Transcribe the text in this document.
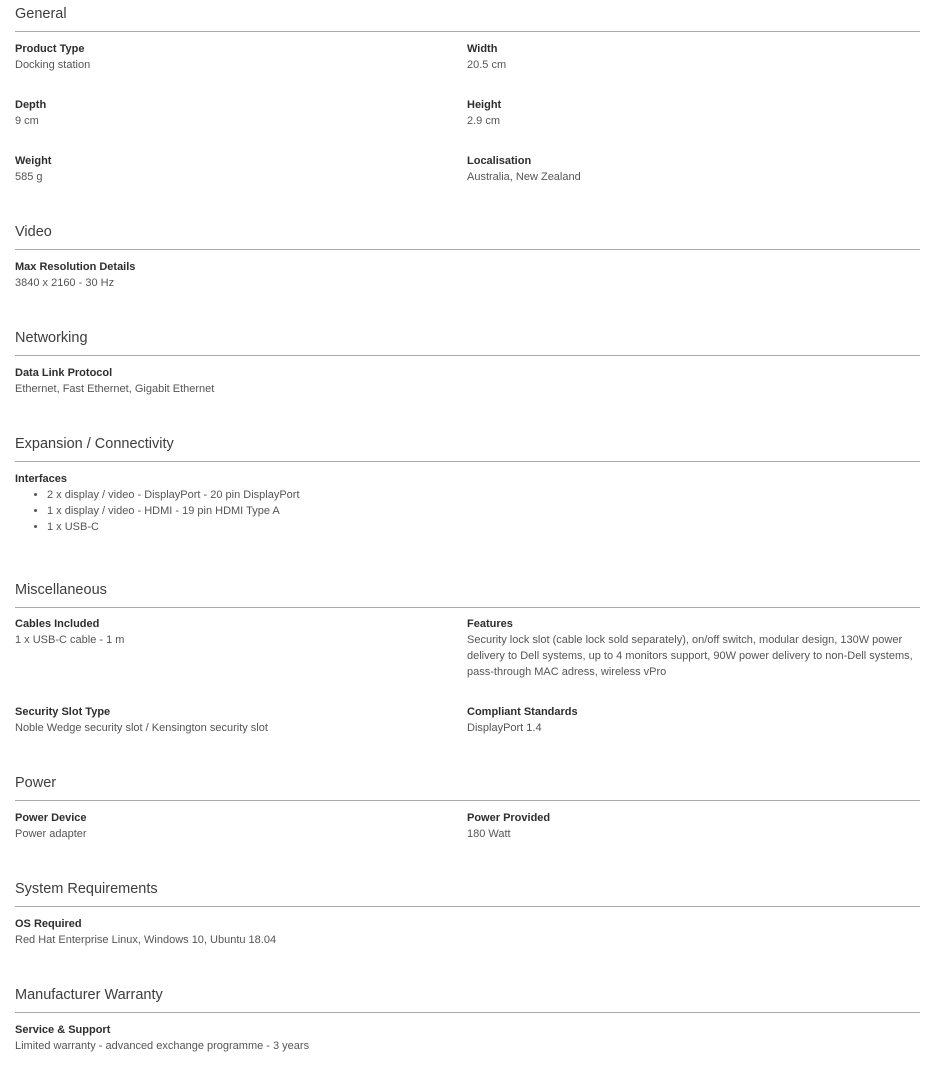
General
Product Type
Docking station
Width
20.5 cm
Depth
9 cm
Height
2.9 cm
Weight
585 g
Localisation
Australia, New Zealand
Video
Max Resolution Details
3840 x 2160 - 30 Hz
Networking
Data Link Protocol
Ethernet, Fast Ethernet, Gigabit Ethernet
Expansion / Connectivity
Interfaces
• 2 x display / video - DisplayPort - 20 pin DisplayPort
• 1 x display / video - HDMI - 19 pin HDMI Type A
• 1 x USB-C
Miscellaneous
Cables Included
1 x USB-C cable - 1 m
Features
Security lock slot (cable lock sold separately), on/off switch, modular design, 130W power delivery to Dell systems, up to 4 monitors support, 90W power delivery to non-Dell systems, pass-through MAC adress, wireless vPro
Security Slot Type
Noble Wedge security slot / Kensington security slot
Compliant Standards
DisplayPort 1.4
Power
Power Device
Power adapter
Power Provided
180 Watt
System Requirements
OS Required
Red Hat Enterprise Linux, Windows 10, Ubuntu 18.04
Manufacturer Warranty
Service & Support
Limited warranty - advanced exchange programme - 3 years
